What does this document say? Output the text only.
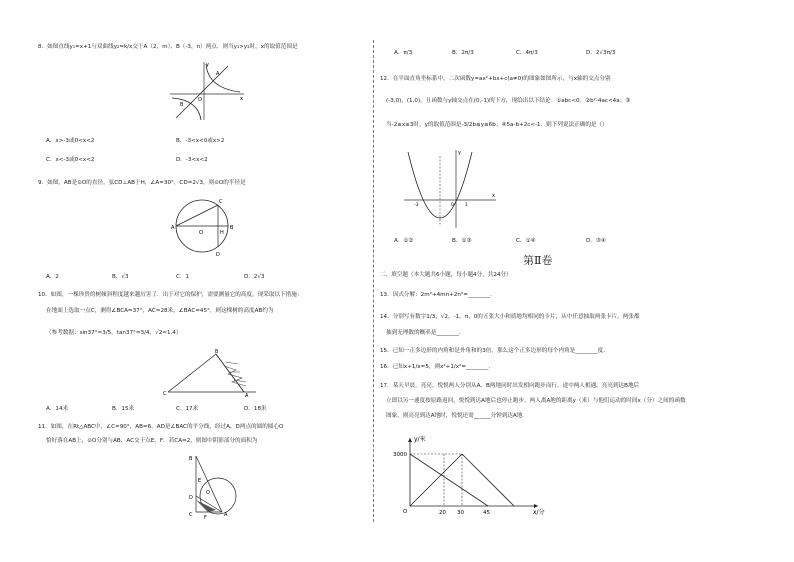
8．如图直线y₁=x+1与双曲线y₂=k/x交于A（2，m）、B（-3，n）两点．则当y₁>y₂时，x的取值范围是
y
x
A
B
O
A．x>-3或0<x<2	B．-3<x<0或x>2
C．x<-3或0<x<2	D．-3<x<2
9．如图，AB是⊙O的直径，弦CD⊥AB于H，∠A=30°，CD=2√3，则⊙O的半径是
A	B
C
D
O	H
A．2	B．√3	C．1	D．2√3
10．如图，一棵珍贵的树倾斜程度越来越厉害了．出于对它的保护，需要测量它的高度，现采取以下措施：
在地面上选取一点C，测得∠BCA=37°，AC=28米，∠BAC=45°，则这棵树的高度AB约为
（参考数据：sin37°≈3/5，tan37°≈3/4，√2≈1.4）
B
C	A
A．14米	B．15米	C．17米	D．18米
11．如图，在Rt△ABC中，∠C=90°，AB=6，AD是∠BAC的平分线，经过A、D两点的圆的圆心O
恰好落在AB上，⊙O分别与AB、AC交于点E、F．若CA=2，则图中阴影部分的面积为
B
E
O
D
C F	A
A．π/3	B．2π/3	C．4π/3	D．2√3π/3
12．在平面直角坐标系中，二次函数y=ax²+bx+c(a≠0)的图象如图所示，与x轴的交点分别
(-3,0)，(1,0)，且函数与y轴交点在(0,-1)的下方，现给出以下结论：①abc<0；②b²-4ac<4a；③
当-2≤x≤3时，y的取值范围是-3/2b≤y≤6b；④5a-b+2c<-1．则下列说法正确的是（）
y
x
-3	0 1
A．①②	B．①③	C．①④	D．③④
第Ⅱ卷
二、填空题（本大题共6小题，每小题4分，共24分）
13．因式分解：2m²+4mn+2n²=________．
14．分别写有数字1/3，√2，-1，π，0的五张大小和质地均相同的卡片，从中任意抽取两张卡片，两张都
抽到无理数的概率是________．
15．已知一正多边形的内角和是外角和的3倍，那么这个正多边形的每个内角是________度．
16．已知x+1/x=5，则x²+1/x²=________．
17．某天早晨，亮亮、悦悦两人分别从A、B两地同时出发相向跑步而行，途中两人相遇，亮亮到达B地后
立即以另一速度按原路返回，悦悦到达A地后也停止跑步，两人离A地的距离y（米）与他们运动的时间x（分）之间的函数
图象，则亮亮到达A地时，悦悦还需______分钟到达A地．
y/米
x/分
3000
20 30	45
O
